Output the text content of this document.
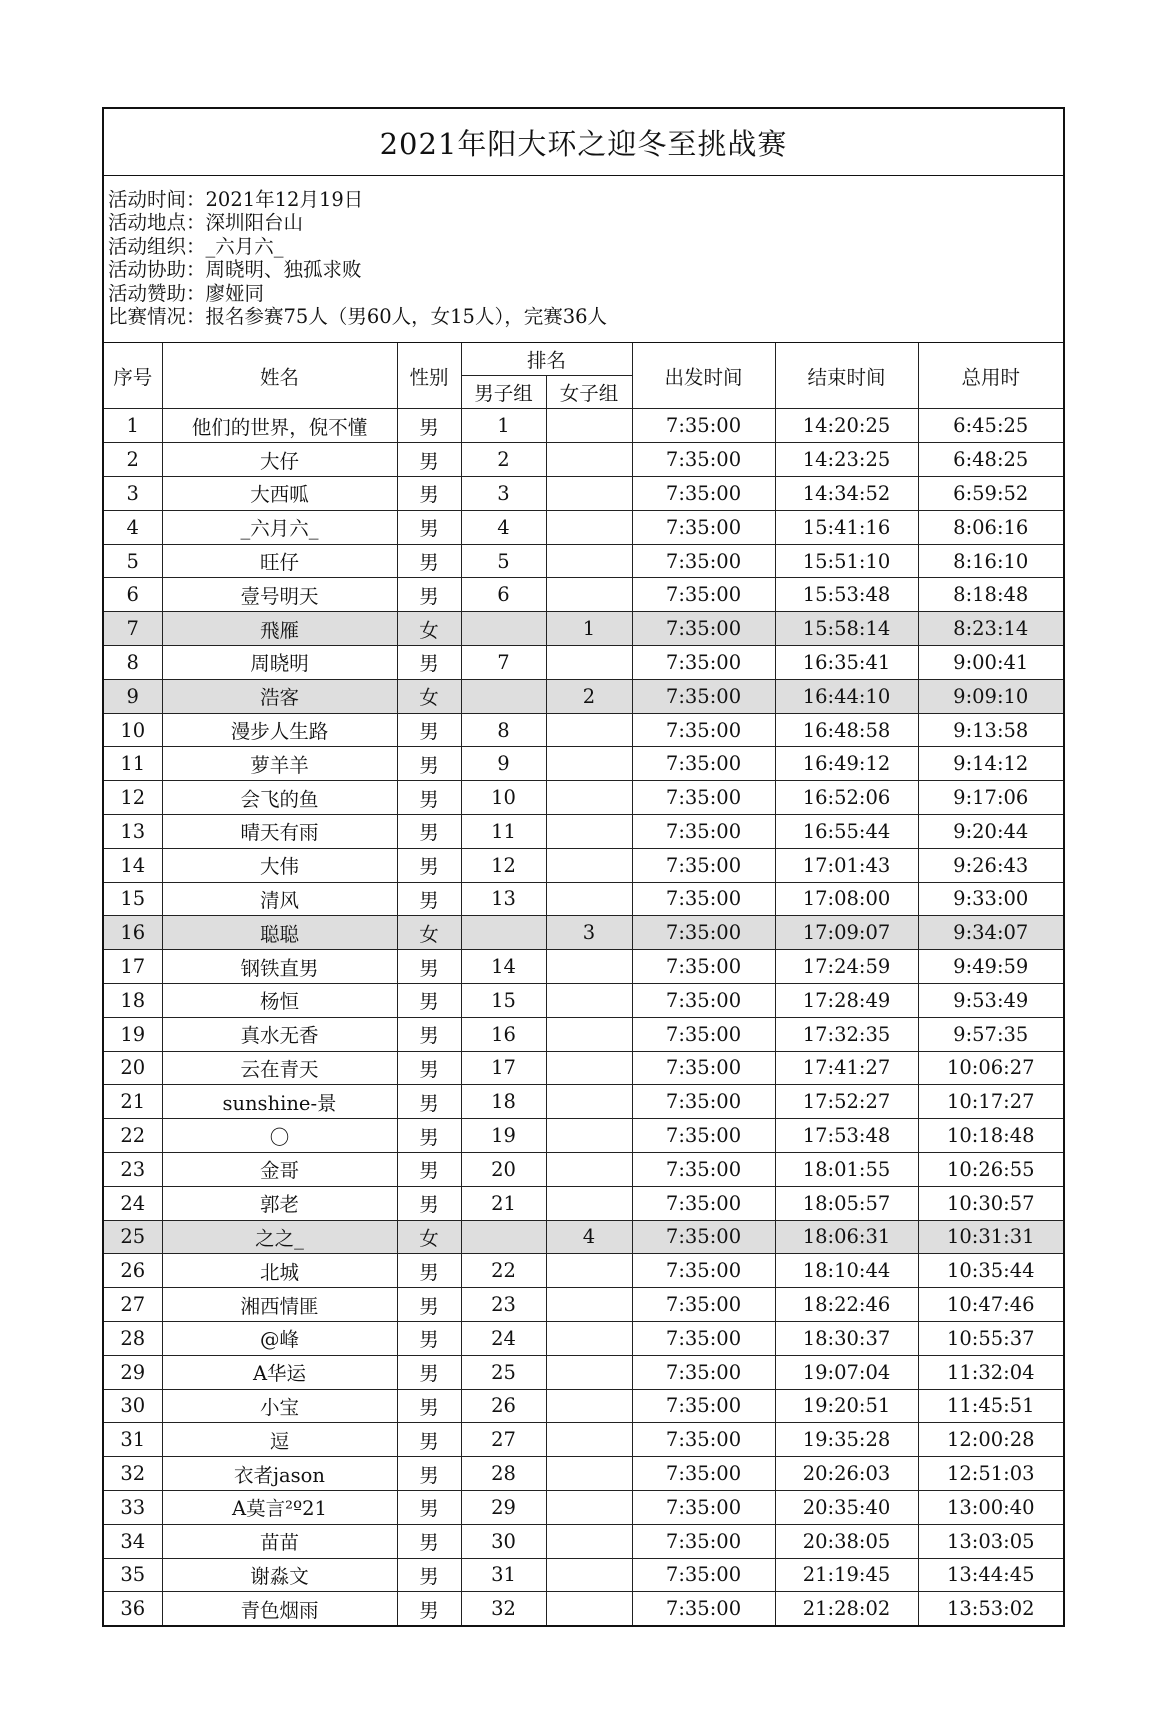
2021年阳大环之迎冬至挑战赛
活动时间：2021年12月19日
活动地点：深圳阳台山
活动组织：_六月六_
活动协助：周晓明、独孤求败
活动赞助：廖娅同
比赛情况：报名参赛75人（男60人，女15人），完赛36人
序号	姓名	性别	排名		出发时间	结束时间	总用时
			男子组	女子组			
1	他们的世界，倪不懂	男	1		7:35:00	14:20:25	6:45:25
2	大仔	男	2		7:35:00	14:23:25	6:48:25
3	大西呱	男	3		7:35:00	14:34:52	6:59:52
4	_六月六_	男	4		7:35:00	15:41:16	8:06:16
5	旺仔	男	5		7:35:00	15:51:10	8:16:10
6	壹号明天	男	6		7:35:00	15:53:48	8:18:48
7	飛雁	女		1	7:35:00	15:58:14	8:23:14
8	周晓明	男	7		7:35:00	16:35:41	9:00:41
9	浩客	女		2	7:35:00	16:44:10	9:09:10
10	漫步人生路	男	8		7:35:00	16:48:58	9:13:58
11	萝羊羊	男	9		7:35:00	16:49:12	9:14:12
12	会飞的鱼	男	10		7:35:00	16:52:06	9:17:06
13	晴天有雨	男	11		7:35:00	16:55:44	9:20:44
14	大伟	男	12		7:35:00	17:01:43	9:26:43
15	清风	男	13		7:35:00	17:08:00	9:33:00
16	聪聪	女		3	7:35:00	17:09:07	9:34:07
17	钢铁直男	男	14		7:35:00	17:24:59	9:49:59
18	杨恒	男	15		7:35:00	17:28:49	9:53:49
19	真水无香	男	16		7:35:00	17:32:35	9:57:35
20	云在青天	男	17		7:35:00	17:41:27	10:06:27
21	sunshine-景	男	18		7:35:00	17:52:27	10:17:27
22	〇	男	19		7:35:00	17:53:48	10:18:48
23	金哥	男	20		7:35:00	18:01:55	10:26:55
24	郭老	男	21		7:35:00	18:05:57	10:30:57
25	之之_	女		4	7:35:00	18:06:31	10:31:31
26	北城	男	22		7:35:00	18:10:44	10:35:44
27	湘西情匪	男	23		7:35:00	18:22:46	10:47:46
28	@峰	男	24		7:35:00	18:30:37	10:55:37
29	A华运	男	25		7:35:00	19:07:04	11:32:04
30	小宝	男	26		7:35:00	19:20:51	11:45:51
31	逗	男	27		7:35:00	19:35:28	12:00:28
32	衣者jason	男	28		7:35:00	20:26:03	12:51:03
33	A莫言²º21	男	29		7:35:00	20:35:40	13:00:40
34	苗苗	男	30		7:35:00	20:38:05	13:03:05
35	谢淼文	男	31		7:35:00	21:19:45	13:44:45
36	青色烟雨	男	32		7:35:00	21:28:02	13:53:02
